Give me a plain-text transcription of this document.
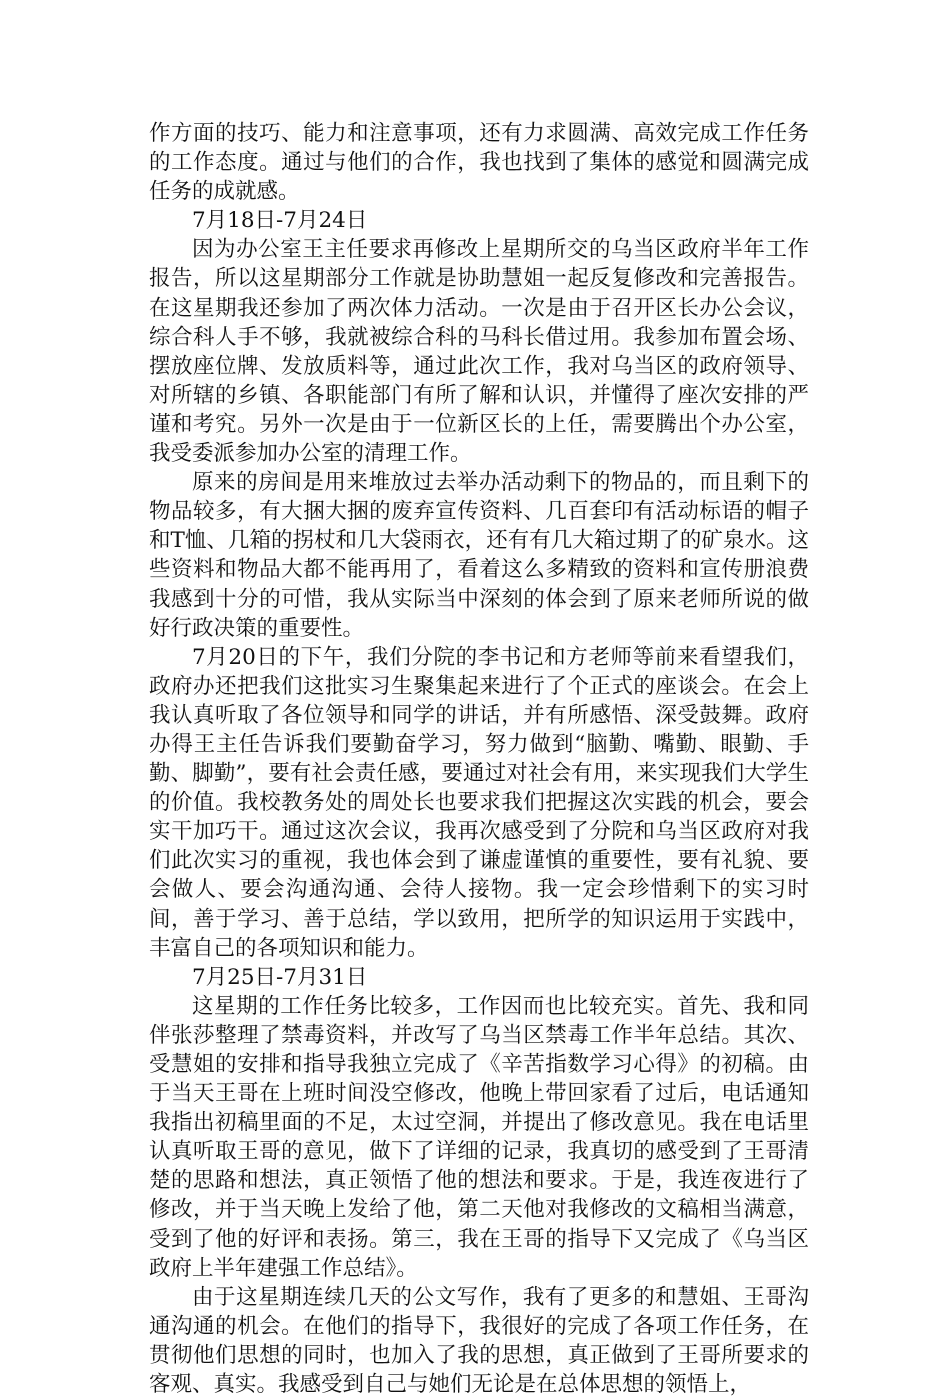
作方面的技巧、能力和注意事项，还有力求圆满、高效完成工作任务的工作态度。通过与他们的合作，我也找到了集体的感觉和圆满完成任务的成就感。

7月18日-7月24日

因为办公室王主任要求再修改上星期所交的乌当区政府半年工作报告，所以这星期部分工作就是协助慧姐一起反复修改和完善报告。在这星期我还参加了两次体力活动。一次是由于召开区长办公会议，综合科人手不够，我就被综合科的马科长借过用。我参加布置会场、摆放座位牌、发放质料等，通过此次工作，我对乌当区的政府领导、对所辖的乡镇、各职能部门有所了解和认识，并懂得了座次安排的严谨和考究。另外一次是由于一位新区长的上任，需要腾出个办公室，我受委派参加办公室的清理工作。

原来的房间是用来堆放过去举办活动剩下的物品的，而且剩下的物品较多，有大捆大捆的废弃宣传资料、几百套印有活动标语的帽子和T恤、几箱的拐杖和几大袋雨衣，还有有几大箱过期了的矿泉水。这些资料和物品大都不能再用了，看着这么多精致的资料和宣传册浪费我感到十分的可惜，我从实际当中深刻的体会到了原来老师所说的做好行政决策的重要性。

7月20日的下午，我们分院的李书记和方老师等前来看望我们，政府办还把我们这批实习生聚集起来进行了个正式的座谈会。在会上我认真听取了各位领导和同学的讲话，并有所感悟、深受鼓舞。政府办得王主任告诉我们要勤奋学习，努力做到“脑勤、嘴勤、眼勤、手勤、脚勤”，要有社会责任感，要通过对社会有用，来实现我们大学生的价值。我校教务处的周处长也要求我们把握这次实践的机会，要会实干加巧干。通过这次会议，我再次感受到了分院和乌当区政府对我们此次实习的重视，我也体会到了谦虚谨慎的重要性，要有礼貌、要会做人、要会沟通沟通、会待人接物。我一定会珍惜剩下的实习时间，善于学习、善于总结，学以致用，把所学的知识运用于实践中，丰富自己的各项知识和能力。

7月25日-7月31日

这星期的工作任务比较多，工作因而也比较充实。首先、我和同伴张莎整理了禁毒资料，并改写了乌当区禁毒工作半年总结。其次、受慧姐的安排和指导我独立完成了《辛苦指数学习心得》的初稿。由于当天王哥在上班时间没空修改，他晚上带回家看了过后，电话通知我指出初稿里面的不足，太过空洞，并提出了修改意见。我在电话里认真听取王哥的意见，做下了详细的记录，我真切的感受到了王哥清楚的思路和想法，真正领悟了他的想法和要求。于是，我连夜进行了修改，并于当天晚上发给了他，第二天他对我修改的文稿相当满意，受到了他的好评和表扬。第三，我在王哥的指导下又完成了《乌当区政府上半年建强工作总结》。

由于这星期连续几天的公文写作，我有了更多的和慧姐、王哥沟通沟通的机会。在他们的指导下，我很好的完成了各项工作任务，在贯彻他们思想的同时，也加入了我的思想，真正做到了王哥所要求的客观、真实。我感受到自己与她们无论是在总体思想的领悟上，
